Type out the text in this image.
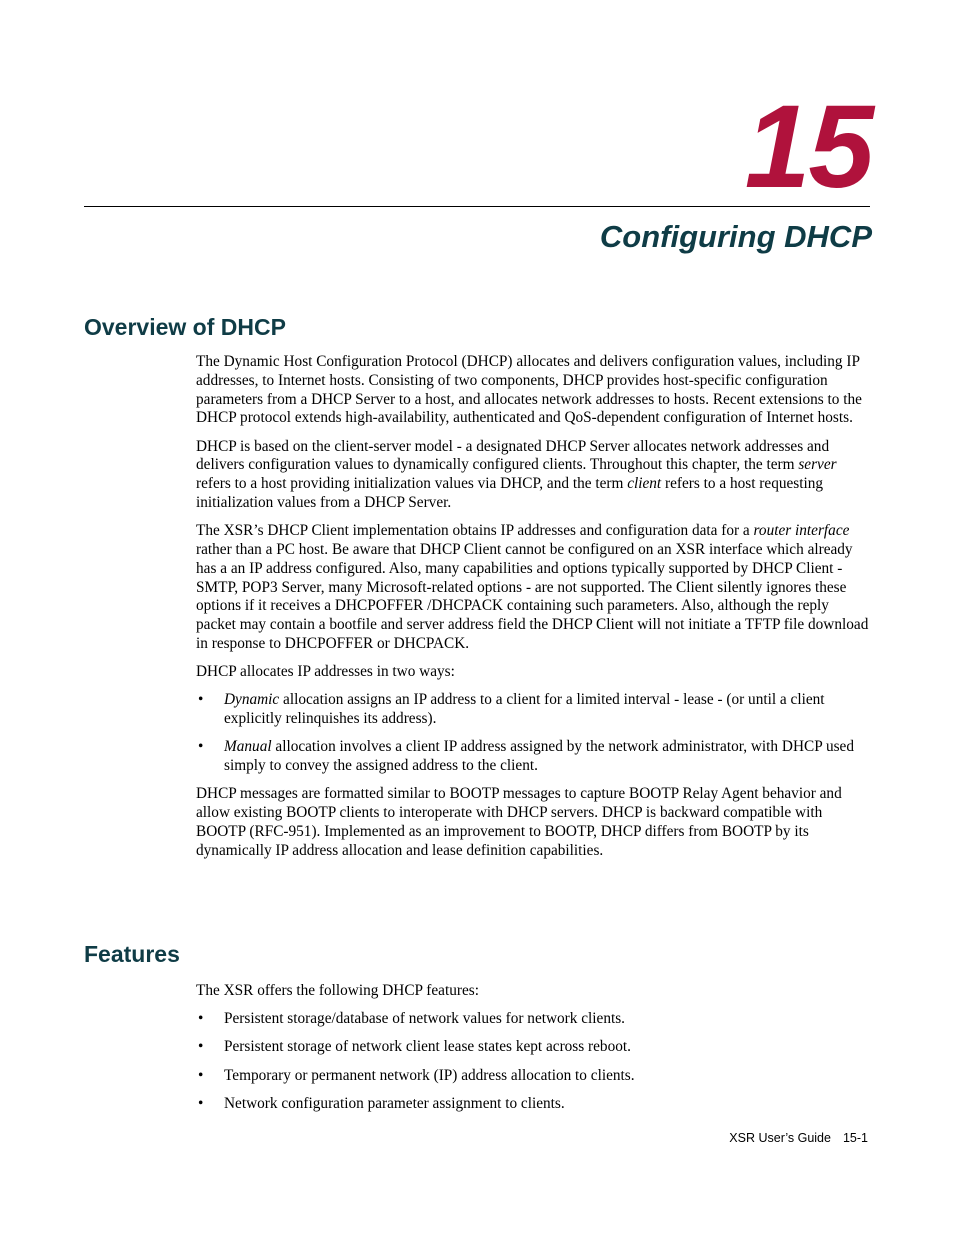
15
Configuring DHCP
Overview of DHCP

The Dynamic Host Configuration Protocol (DHCP) allocates and delivers configuration values, including IP addresses, to Internet hosts. Consisting of two components, DHCP provides host-specific configuration parameters from a DHCP Server to a host, and allocates network addresses to hosts. Recent extensions to the DHCP protocol extends high-availability, authenticated and QoS-dependent configuration of Internet hosts.

DHCP is based on the client-server model - a designated DHCP Server allocates network addresses and delivers configuration values to dynamically configured clients. Throughout this chapter, the term server refers to a host providing initialization values via DHCP, and the term client refers to a host requesting initialization values from a DHCP Server.

The XSR’s DHCP Client implementation obtains IP addresses and configuration data for a router interface rather than a PC host. Be aware that DHCP Client cannot be configured on an XSR interface which already has a an IP address configured. Also, many capabilities and options typically supported by DHCP Client - SMTP, POP3 Server, many Microsoft-related options - are not supported. The Client silently ignores these options if it receives a DHCPOFFER /DHCPACK containing such parameters. Also, although the reply packet may contain a bootfile and server address field the DHCP Client will not initiate a TFTP file download in response to DHCPOFFER or DHCPACK.

DHCP allocates IP addresses in two ways:

• Dynamic allocation assigns an IP address to a client for a limited interval - lease - (or until a client explicitly relinquishes its address).
• Manual allocation involves a client IP address assigned by the network administrator, with DHCP used simply to convey the assigned address to the client.

DHCP messages are formatted similar to BOOTP messages to capture BOOTP Relay Agent behavior and allow existing BOOTP clients to interoperate with DHCP servers. DHCP is backward compatible with BOOTP (RFC-951). Implemented as an improvement to BOOTP, DHCP differs from BOOTP by its dynamically IP address allocation and lease definition capabilities.

Features

The XSR offers the following DHCP features:

• Persistent storage/database of network values for network clients.
• Persistent storage of network client lease states kept across reboot.
• Temporary or permanent network (IP) address allocation to clients.
• Network configuration parameter assignment to clients.
XSR User’s Guide 15-1
